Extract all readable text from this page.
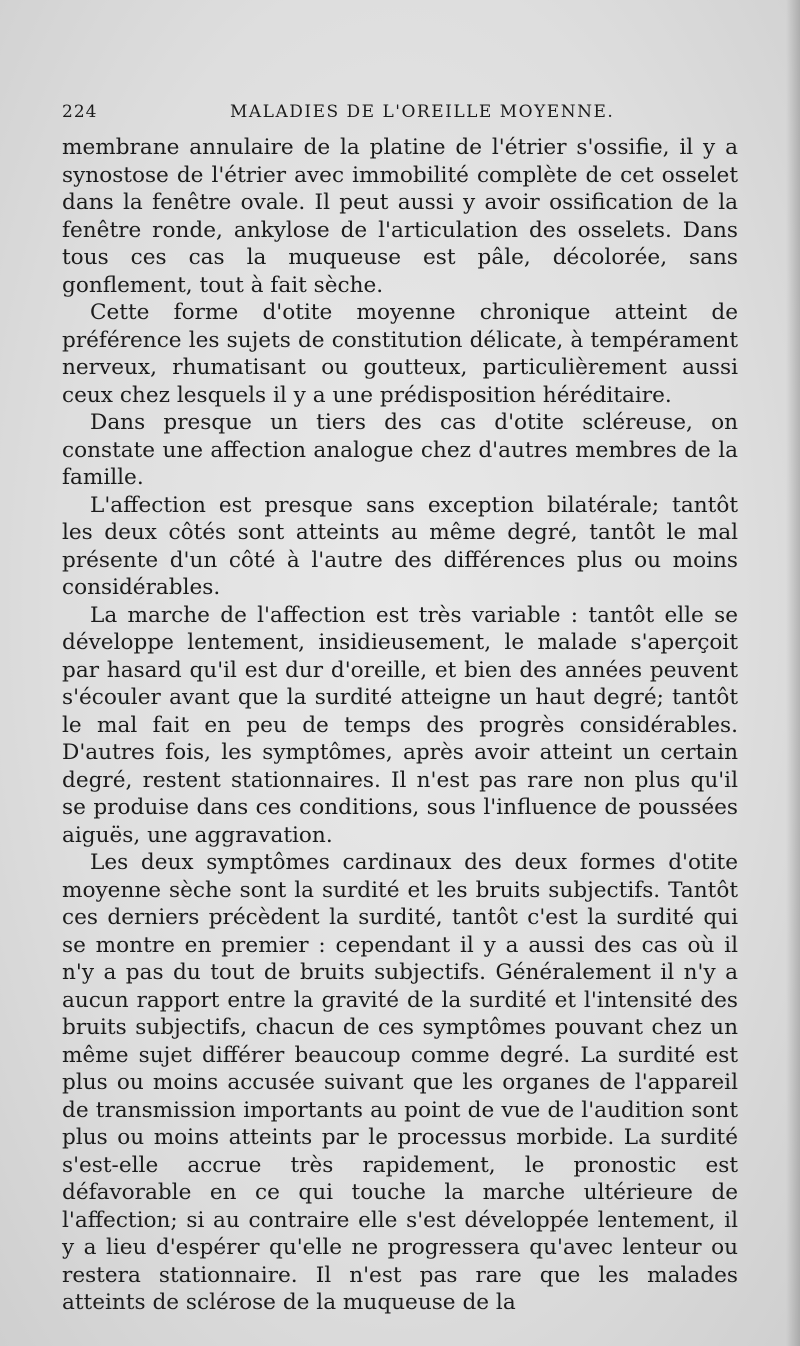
224	MALADIES DE L'OREILLE MOYENNE.

membrane annulaire de la platine de l'étrier s'ossifie, il y a synostose de l'étrier avec immobilité complète de cet osselet dans la fenêtre ovale. Il peut aussi y avoir ossification de la fenêtre ronde, ankylose de l'articulation des osselets. Dans tous ces cas la muqueuse est pâle, décolorée, sans gonflement, tout à fait sèche.

Cette forme d'otite moyenne chronique atteint de préférence les sujets de constitution délicate, à tempérament nerveux, rhumatisant ou goutteux, particulièrement aussi ceux chez lesquels il y a une prédisposition héréditaire.

Dans presque un tiers des cas d'otite scléreuse, on constate une affection analogue chez d'autres membres de la famille.

L'affection est presque sans exception bilatérale; tantôt les deux côtés sont atteints au même degré, tantôt le mal présente d'un côté à l'autre des différences plus ou moins considérables.

La marche de l'affection est très variable : tantôt elle se développe lentement, insidieusement, le malade s'aperçoit par hasard qu'il est dur d'oreille, et bien des années peuvent s'écouler avant que la surdité atteigne un haut degré; tantôt le mal fait en peu de temps des progrès considérables. D'autres fois, les symptômes, après avoir atteint un certain degré, restent stationnaires. Il n'est pas rare non plus qu'il se produise dans ces conditions, sous l'influence de poussées aiguës, une aggravation.

Les deux symptômes cardinaux des deux formes d'otite moyenne sèche sont la surdité et les bruits subjectifs. Tantôt ces derniers précèdent la surdité, tantôt c'est la surdité qui se montre en premier : cependant il y a aussi des cas où il n'y a pas du tout de bruits subjectifs. Généralement il n'y a aucun rapport entre la gravité de la surdité et l'intensité des bruits subjectifs, chacun de ces symptômes pouvant chez un même sujet différer beaucoup comme degré. La surdité est plus ou moins accusée suivant que les organes de l'appareil de transmission importants au point de vue de l'audition sont plus ou moins atteints par le processus morbide. La surdité s'est-elle accrue très rapidement, le pronostic est défavorable en ce qui touche la marche ultérieure de l'affection; si au contraire elle s'est développée lentement, il y a lieu d'espérer qu'elle ne progressera qu'avec lenteur ou restera stationnaire. Il n'est pas rare que les malades atteints de sclérose de la muqueuse de la
